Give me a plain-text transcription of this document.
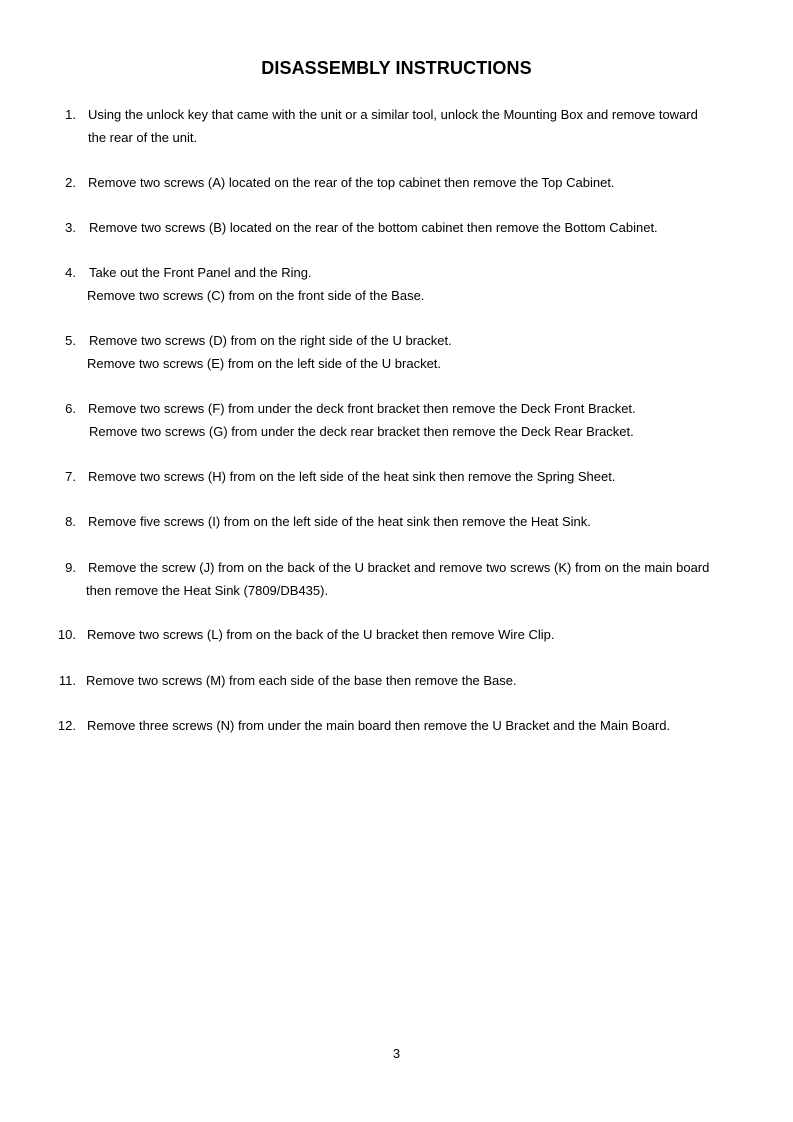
DISASSEMBLY INSTRUCTIONS
1. Using the unlock key that came with the unit or a similar tool, unlock the Mounting Box and remove toward
the rear of the unit.
2. Remove two screws (A) located on the rear of the top cabinet then remove the Top Cabinet.
3. Remove two screws (B) located on the rear of the bottom cabinet then remove the Bottom Cabinet.
4. Take out the Front Panel and the Ring.
Remove two screws (C) from on the front side of the Base.
5. Remove two screws (D) from on the right side of the U bracket.
Remove two screws (E) from on the left side of the U bracket.
6. Remove two screws (F) from under the deck front bracket then remove the Deck Front Bracket.
Remove two screws (G) from under the deck rear bracket then remove the Deck Rear Bracket.
7. Remove two screws (H) from on the left side of the heat sink then remove the Spring Sheet.
8. Remove five screws (I) from on the left side of the heat sink then remove the Heat Sink.
9. Remove the screw (J) from on the back of the U bracket and remove two screws (K) from on the main board
then remove the Heat Sink (7809/DB435).
10. Remove two screws (L) from on the back of the U bracket then remove Wire Clip.
11. Remove two screws (M) from each side of the base then remove the Base.
12. Remove three screws (N) from under the main board then remove the U Bracket and the Main Board.
3
